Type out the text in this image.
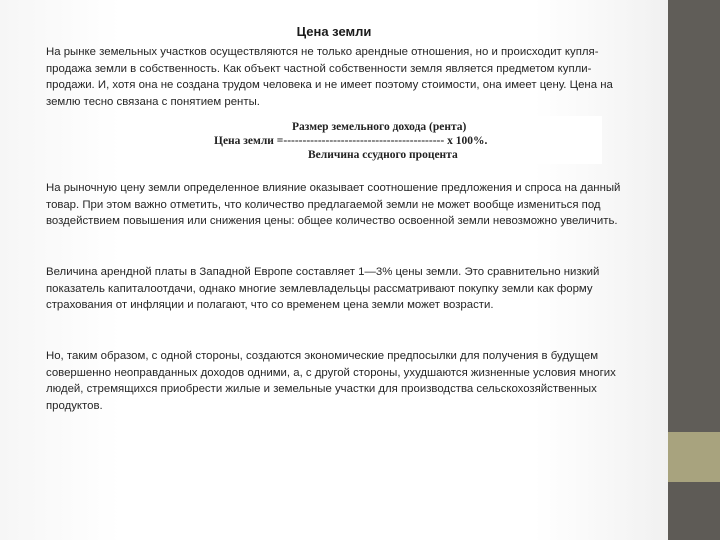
Цена земли

На рынке земельных участков осуществляются не только арендные отношения, но и происходит купля-продажа земли в собственность. Как объект частной собственности земля является предметом купли-продажи. И, хотя она не создана трудом человека и не имеет поэтому стоимости, она имеет цену. Цена на землю тесно связана с понятием ренты.

Размер земельного дохода (рента)
Цена земли =------------------------------------------ х 100%.
Величина ссудного процента

На рыночную цену земли определенное влияние оказывает соотношение предложения и спроса на данный товар. При этом важно отметить, что количество предлагаемой земли не может вообще измениться под воздействием повышения или снижения цены: общее количество освоенной земли невозможно увеличить.

Величина арендной платы в Западной Европе составляет 1—3% цены земли. Это сравнительно низкий показатель капиталоотдачи, однако многие землевладельцы рассматривают покупку земли как форму страхования от инфляции и полагают, что со временем цена земли может возрасти.

Но, таким образом, с одной стороны, создаются экономические предпосылки для получения в будущем совершенно неоправданных доходов одними, а, с другой стороны, ухудшаются жизненные условия многих людей, стремящихся приобрести жилые и земельные участки для производства сельскохозяйственных продуктов.
